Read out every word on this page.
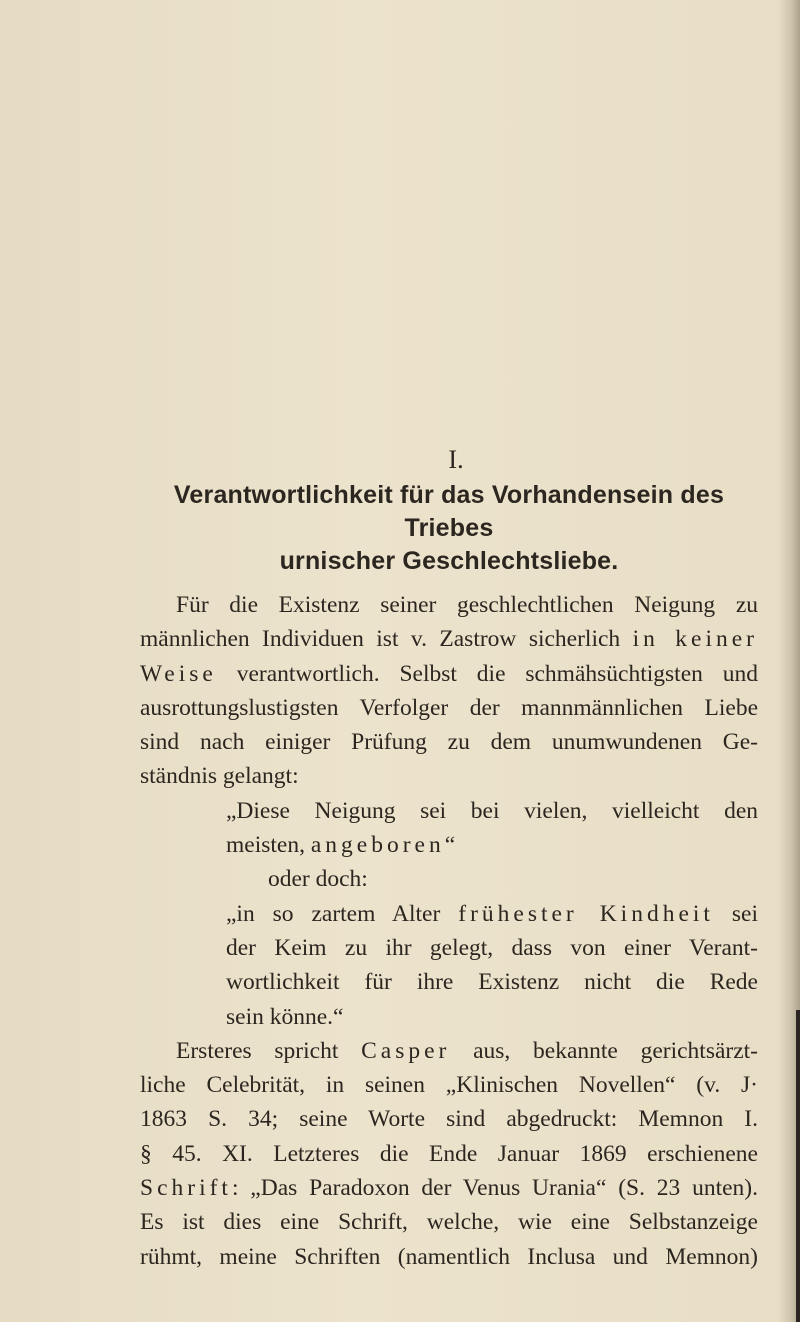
I.
Verantwortlichkeit für das Vorhandensein des Triebes
urnischer Geschlechtsliebe.
Für die Existenz seiner geschlechtlichen Neigung zu
männlichen Individuen ist v. Zastrow sicherlich in keiner
Weise verantwortlich. Selbst die schmähsüchtigsten und
ausrottungslustigsten Verfolger der mannmännlichen Liebe
sind nach einiger Prüfung zu dem unumwundenen Ge-
ständnis gelangt:
„Diese Neigung sei bei vielen, vielleicht den
meisten, angeboren“
oder doch:
„in so zartem Alter frühester Kindheit sei
der Keim zu ihr gelegt, dass von einer Verant-
wortlichkeit für ihre Existenz nicht die Rede
sein könne.“
Ersteres spricht Casper aus, bekannte gerichtsärzt-
liche Celebrität, in seinen „Klinischen Novellen“ (v. J·
1863 S. 34; seine Worte sind abgedruckt: Memnon I.
§ 45. XI. Letzteres die Ende Januar 1869 erschienene
Schrift: „Das Paradoxon der Venus Urania“ (S. 23 unten).
Es ist dies eine Schrift, welche, wie eine Selbstanzeige
rühmt, meine Schriften (namentlich Inclusa und Memnon)
